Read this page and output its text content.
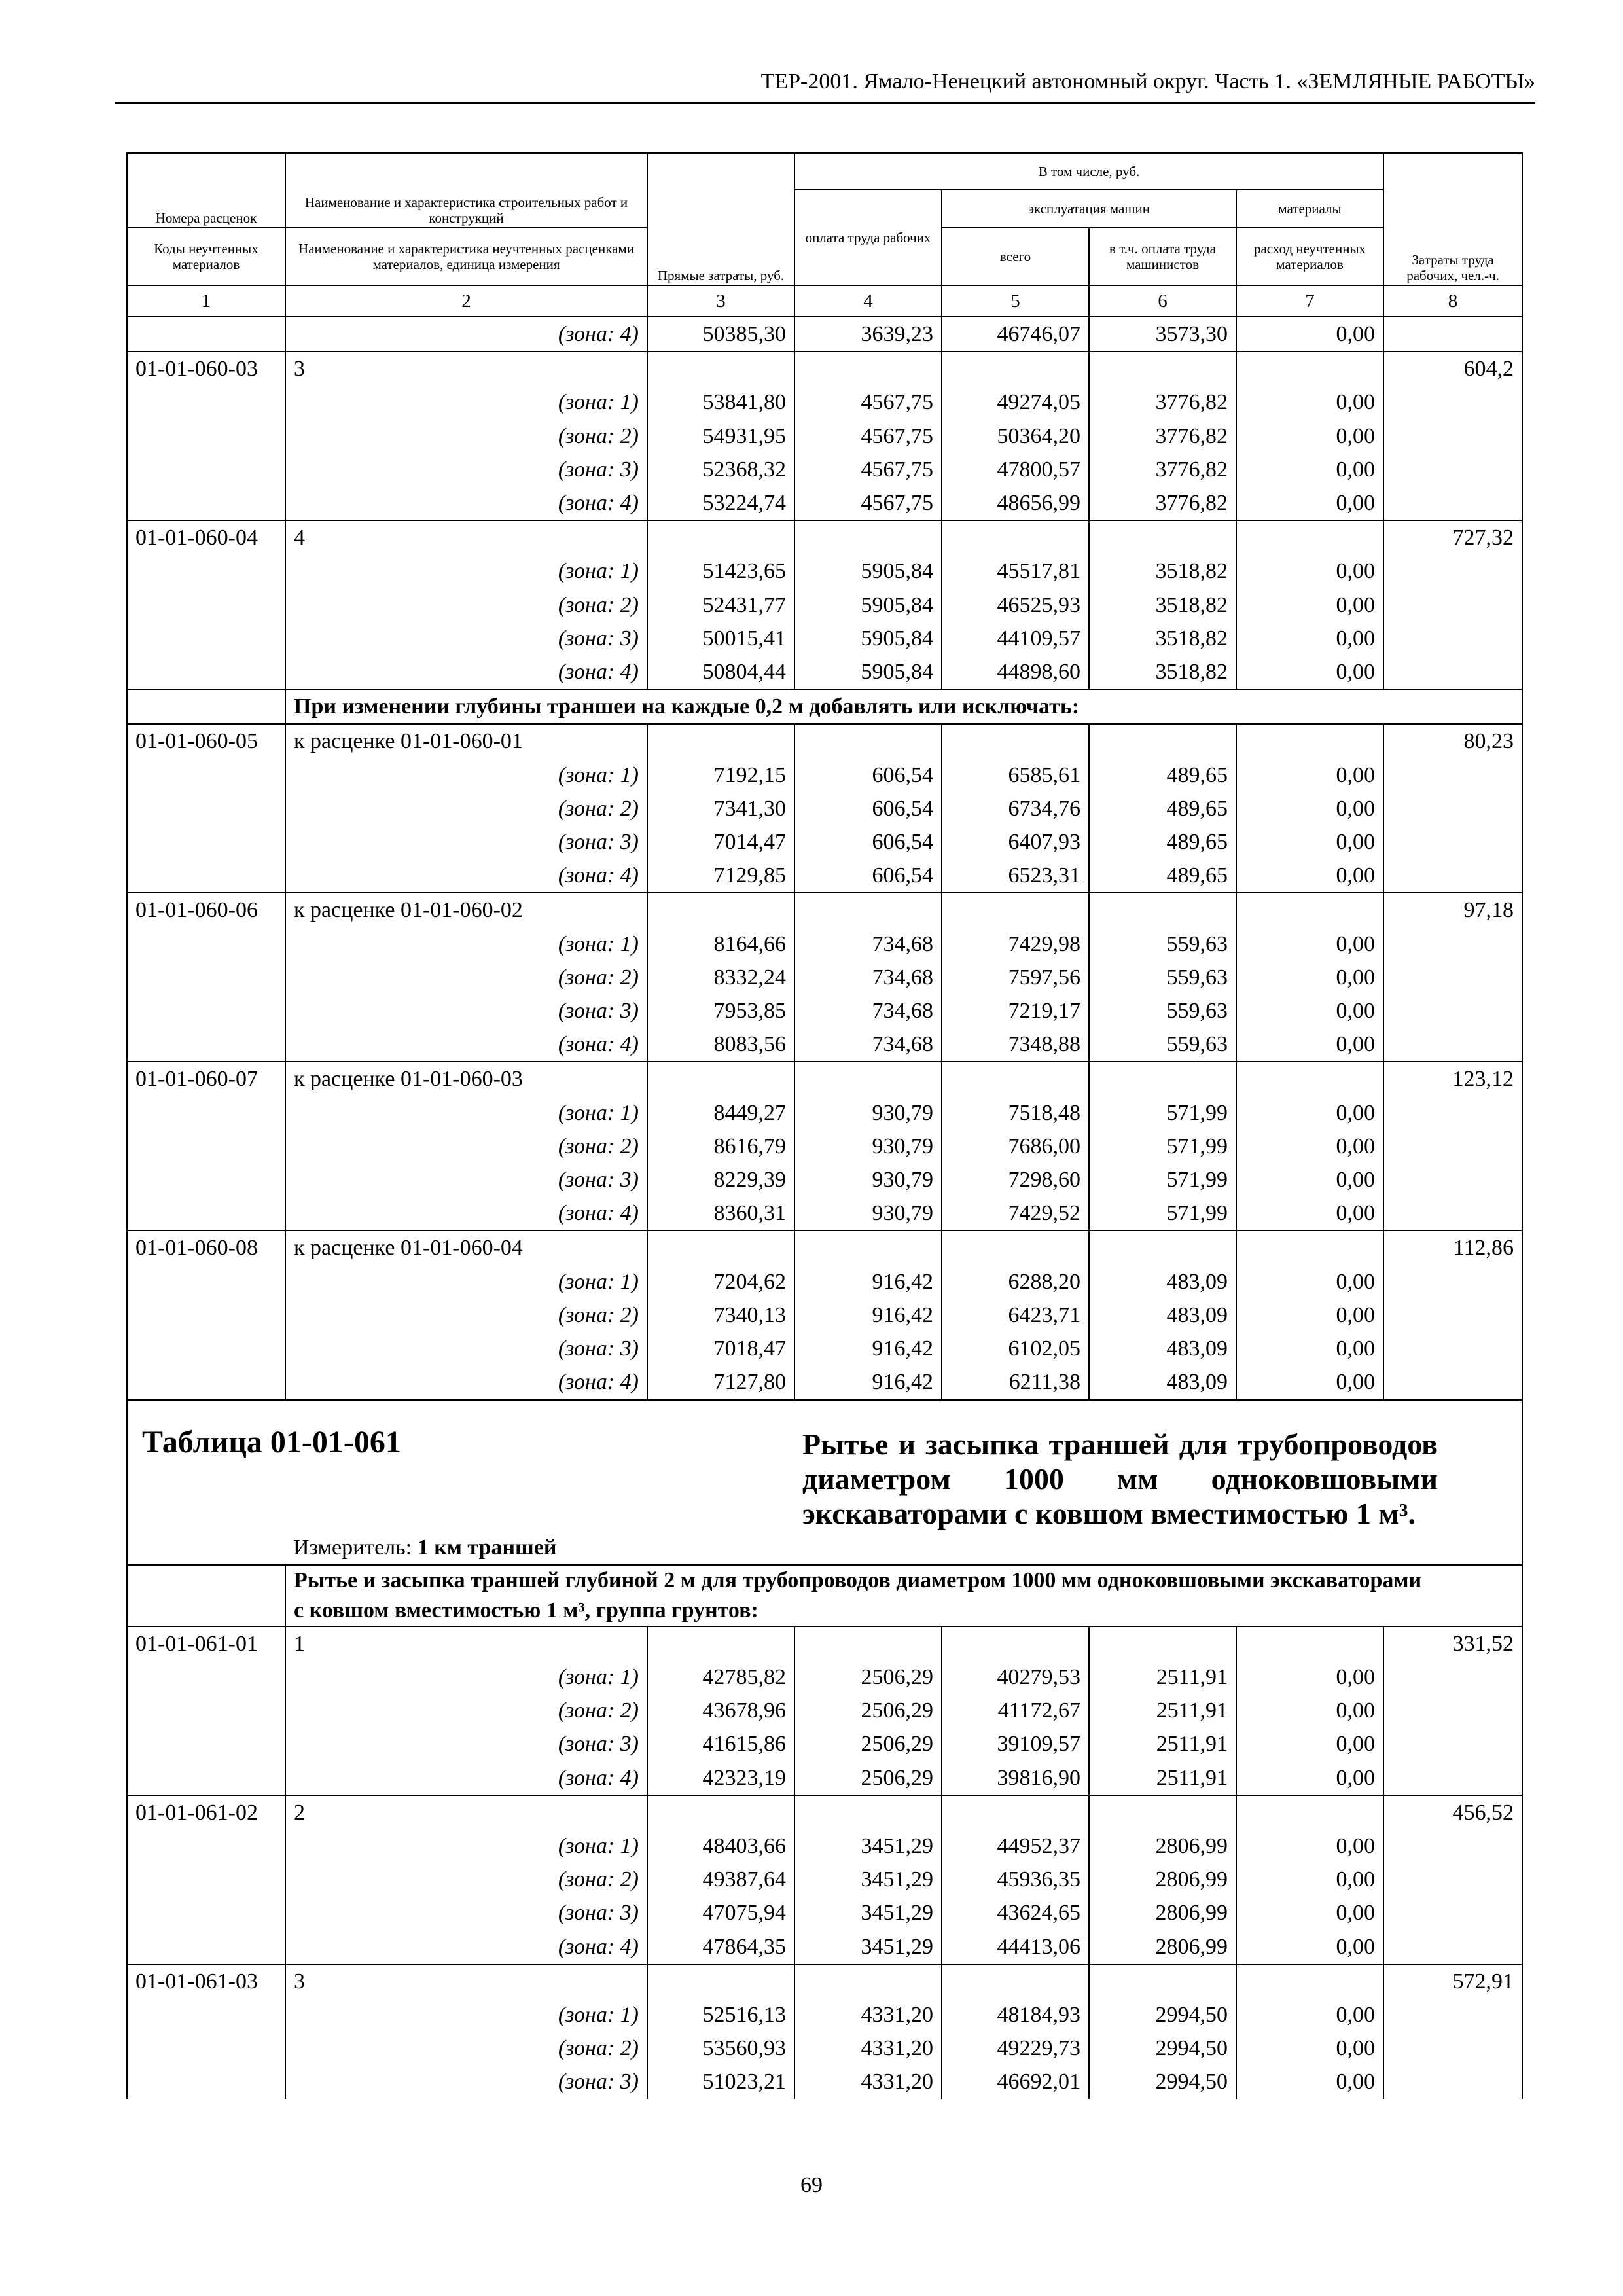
ТЕР-2001. Ямало-Ненецкий автономный округ. Часть 1. «ЗЕМЛЯНЫЕ РАБОТЫ»
Номера расценок	Наименование и характеристика строительных работ и конструкций	Прямые затраты, руб.	В том числе, руб.				Затраты труда рабочих, чел.-ч.
			оплата труда рабочих	эксплуатация машин		материалы	
Коды неучтенных материалов	Наименование и характеристика неучтенных расценками материалов, единица измерения			всего	в т.ч. оплата труда машинистов	расход неучтенных материалов	
1	2	3	4	5	6	7	8
	(зона: 4)	50385,30	3639,23	46746,07	3573,30	0,00	
01-01-060-03	3						604,2
	(зона: 1)	53841,80	4567,75	49274,05	3776,82	0,00	
	(зона: 2)	54931,95	4567,75	50364,20	3776,82	0,00	
	(зона: 3)	52368,32	4567,75	47800,57	3776,82	0,00	
	(зона: 4)	53224,74	4567,75	48656,99	3776,82	0,00	
01-01-060-04	4						727,32
	(зона: 1)	51423,65	5905,84	45517,81	3518,82	0,00	
	(зона: 2)	52431,77	5905,84	46525,93	3518,82	0,00	
	(зона: 3)	50015,41	5905,84	44109,57	3518,82	0,00	
	(зона: 4)	50804,44	5905,84	44898,60	3518,82	0,00	
	При изменении глубины траншеи на каждые 0,2 м добавлять или исключать:						
01-01-060-05	к расценке 01-01-060-01						80,23
	(зона: 1)	7192,15	606,54	6585,61	489,65	0,00	
	(зона: 2)	7341,30	606,54	6734,76	489,65	0,00	
	(зона: 3)	7014,47	606,54	6407,93	489,65	0,00	
	(зона: 4)	7129,85	606,54	6523,31	489,65	0,00	
01-01-060-06	к расценке 01-01-060-02						97,18
	(зона: 1)	8164,66	734,68	7429,98	559,63	0,00	
	(зона: 2)	8332,24	734,68	7597,56	559,63	0,00	
	(зона: 3)	7953,85	734,68	7219,17	559,63	0,00	
	(зона: 4)	8083,56	734,68	7348,88	559,63	0,00	
01-01-060-07	к расценке 01-01-060-03						123,12
	(зона: 1)	8449,27	930,79	7518,48	571,99	0,00	
	(зона: 2)	8616,79	930,79	7686,00	571,99	0,00	
	(зона: 3)	8229,39	930,79	7298,60	571,99	0,00	
	(зона: 4)	8360,31	930,79	7429,52	571,99	0,00	
01-01-060-08	к расценке 01-01-060-04						112,86
	(зона: 1)	7204,62	916,42	6288,20	483,09	0,00	
	(зона: 2)	7340,13	916,42	6423,71	483,09	0,00	
	(зона: 3)	7018,47	916,42	6102,05	483,09	0,00	
	(зона: 4)	7127,80	916,42	6211,38	483,09	0,00	
Таблица 01-01-061			Рытье и засыпка траншей для трубопроводов диаметром 1000 мм одноковшовыми экскаваторами с ковшом вместимостью 1 м³.				

	Измеритель: 1 км траншей						
	Рытье и засыпка траншей глубиной 2 м для трубопроводов диаметром 1000 мм одноковшовыми экскаваторами с ковшом вместимостью 1 м³, группа грунтов:						
01-01-061-01	1						331,52
	(зона: 1)	42785,82	2506,29	40279,53	2511,91	0,00	
	(зона: 2)	43678,96	2506,29	41172,67	2511,91	0,00	
	(зона: 3)	41615,86	2506,29	39109,57	2511,91	0,00	
	(зона: 4)	42323,19	2506,29	39816,90	2511,91	0,00	
01-01-061-02	2						456,52
	(зона: 1)	48403,66	3451,29	44952,37	2806,99	0,00	
	(зона: 2)	49387,64	3451,29	45936,35	2806,99	0,00	
	(зона: 3)	47075,94	3451,29	43624,65	2806,99	0,00	
	(зона: 4)	47864,35	3451,29	44413,06	2806,99	0,00	
01-01-061-03	3						572,91
	(зона: 1)	52516,13	4331,20	48184,93	2994,50	0,00	
	(зона: 2)	53560,93	4331,20	49229,73	2994,50	0,00	
	(зона: 3)	51023,21	4331,20	46692,01	2994,50	0,00	
69
